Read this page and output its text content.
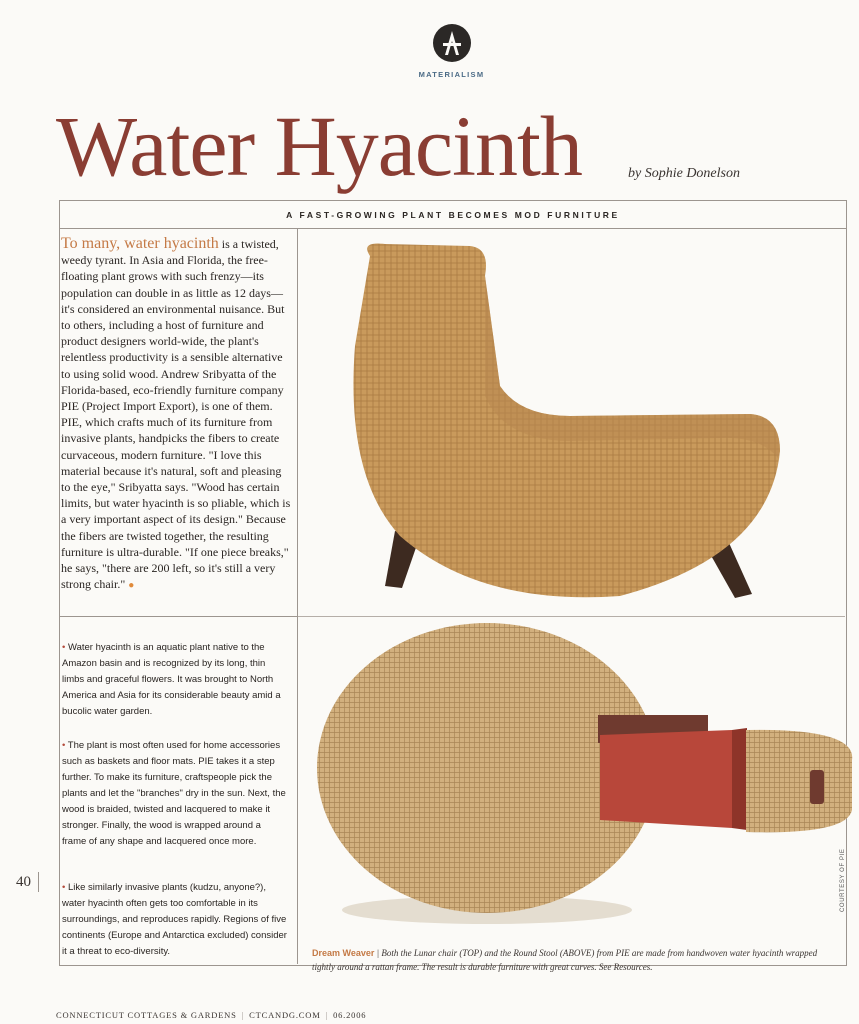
MATERIALISM
Water Hyacinth	by Sophie Donelson
A FAST-GROWING PLANT BECOMES MOD FURNITURE
To many, water hyacinth is a twisted, weedy tyrant. In Asia and Florida, the free-floating plant grows with such frenzy—its population can double in as little as 12 days—it's considered an environmental nuisance. But to others, including a host of furniture and product designers world-wide, the plant's relentless productivity is a sensible alternative to using solid wood. Andrew Sribyatta of the Florida-based, eco-friendly furniture company PIE (Project Import Export), is one of them. PIE, which crafts much of its furniture from invasive plants, handpicks the fibers to create curvaceous, modern furniture. "I love this material because it's natural, soft and pleasing to the eye," Sribyatta says. "Wood has certain limits, but water hyacinth is so pliable, which is a very important aspect of its design." Because the fibers are twisted together, the resulting furniture is ultra-durable. "If one piece breaks," he says, "there are 200 left, so it's still a very strong chair." ●
• Water hyacinth is an aquatic plant native to the Amazon basin and is recognized by its long, thin limbs and graceful flowers. It was brought to North America and Asia for its considerable beauty amid a bucolic water garden.
• The plant is most often used for home accessories such as baskets and floor mats. PIE takes it a step further. To make its furniture, craftspeople pick the plants and let the "branches" dry in the sun. Next, the wood is braided, twisted and lacquered to make it stronger. Finally, the wood is wrapped around a frame of any shape and lacquered once more.
• Like similarly invasive plants (kudzu, anyone?), water hyacinth often gets too comfortable in its surroundings, and reproduces rapidly. Regions of five continents (Europe and Antarctica excluded) consider it a threat to eco-diversity.	Dream Weaver | Both the Lunar chair (TOP) and the Round Stool (ABOVE) from PIE are made from handwoven water hyacinth wrapped tightly around a rattan frame. The result is durable furniture with great curves. See Resources.
COURTESY OF PIE
40
CONNECTICUT COTTAGES & GARDENS | CTCANDG.COM | 06.2006
